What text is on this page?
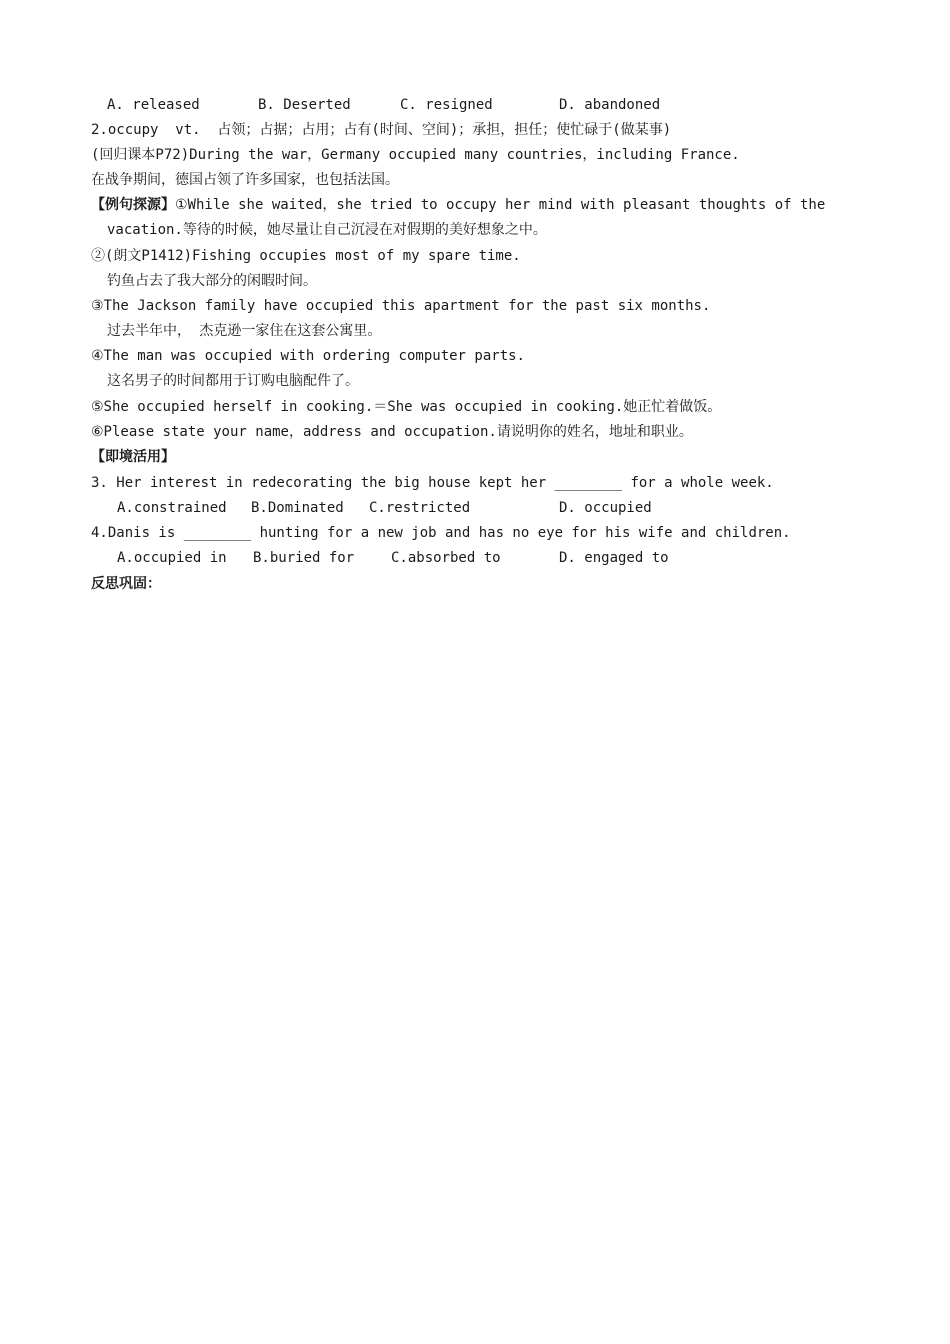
A. released	B. Deserted	C. resigned	D. abandoned
2.occupy  vt.  占领；占据；占用；占有(时间、空间)；承担，担任；使忙碌于(做某事)
(回归课本P72)During the war，Germany occupied many countries，including France.
在战争期间，德国占领了许多国家，也包括法国。
【例句探源】①While she waited，she tried to occupy her mind with pleasant thoughts of the
vacation.等待的时候，她尽量让自己沉浸在对假期的美好想象之中。
②(朗文P1412)Fishing occupies most of my spare time.
钓鱼占去了我大部分的闲暇时间。
③The Jackson family have occupied this apartment for the past six months.
过去半年中， 杰克逊一家住在这套公寓里。
④The man was occupied with ordering computer parts.
这名男子的时间都用于订购电脑配件了。
⑤She occupied herself in cooking.＝She was occupied in cooking.她正忙着做饭。
⑥Please state your name，address and occupation.请说明你的姓名，地址和职业。
【即境活用】
3. Her interest in redecorating the big house kept her ________ for a whole week.
A.constrained B.Dominated C.restricted	D. occupied
4.Danis is ________ hunting for a new job and has no eye for his wife and children.
A.occupied in B.buried for	C.absorbed to	D. engaged to
反思巩固：
